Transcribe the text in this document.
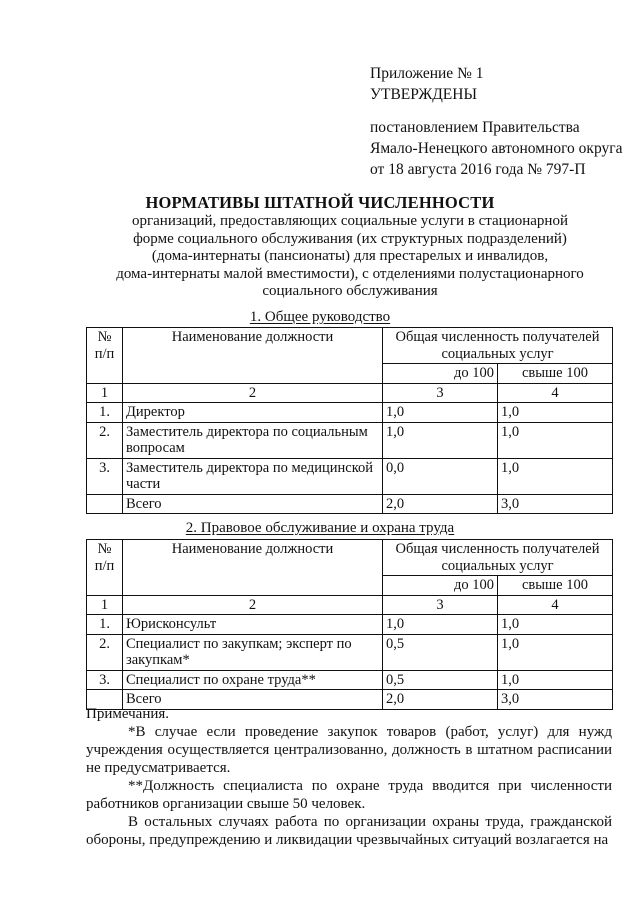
Приложение № 1
УТВЕРЖДЕНЫ
постановлением Правительства
Ямало-Ненецкого автономного округа
от 18 августа 2016 года № 797-П
НОРМАТИВЫ ШТАТНОЙ ЧИСЛЕННОСТИ
организаций, предоставляющих социальные услуги в стационарной
форме социального обслуживания (их структурных подразделений)
(дома-интернаты (пансионаты) для престарелых и инвалидов,
дома-интернаты малой вместимости), с отделениями полустационарного
социального обслуживания
1. Общее руководство
№ п/п	Наименование должности	Общая численность получателей социальных услуг	
		до 100	свыше 100
1	2	3	4
1.	Директор	1,0	1,0
2.	Заместитель директора по социальным вопросам	1,0	1,0
3.	Заместитель директора по медицинской части	0,0	1,0
	Всего	2,0	3,0
2. Правовое обслуживание и охрана труда
№ п/п	Наименование должности	Общая численность получателей социальных услуг	
		до 100	свыше 100
1	2	3	4
1.	Юрисконсульт	1,0	1,0
2.	Специалист по закупкам; эксперт по закупкам*	0,5	1,0
3.	Специалист по охране труда**	0,5	1,0
	Всего	2,0	3,0

Примечания.

*В случае если проведение закупок товаров (работ, услуг) для нужд учреждения осуществляется централизованно, должность в штатном расписании не предусматривается.

**Должность специалиста по охране труда вводится при численности работников организации свыше 50 человек.

В остальных случаях работа по организации охраны труда, гражданской обороны, предупреждению и ликвидации чрезвычайных ситуаций возлагается на
